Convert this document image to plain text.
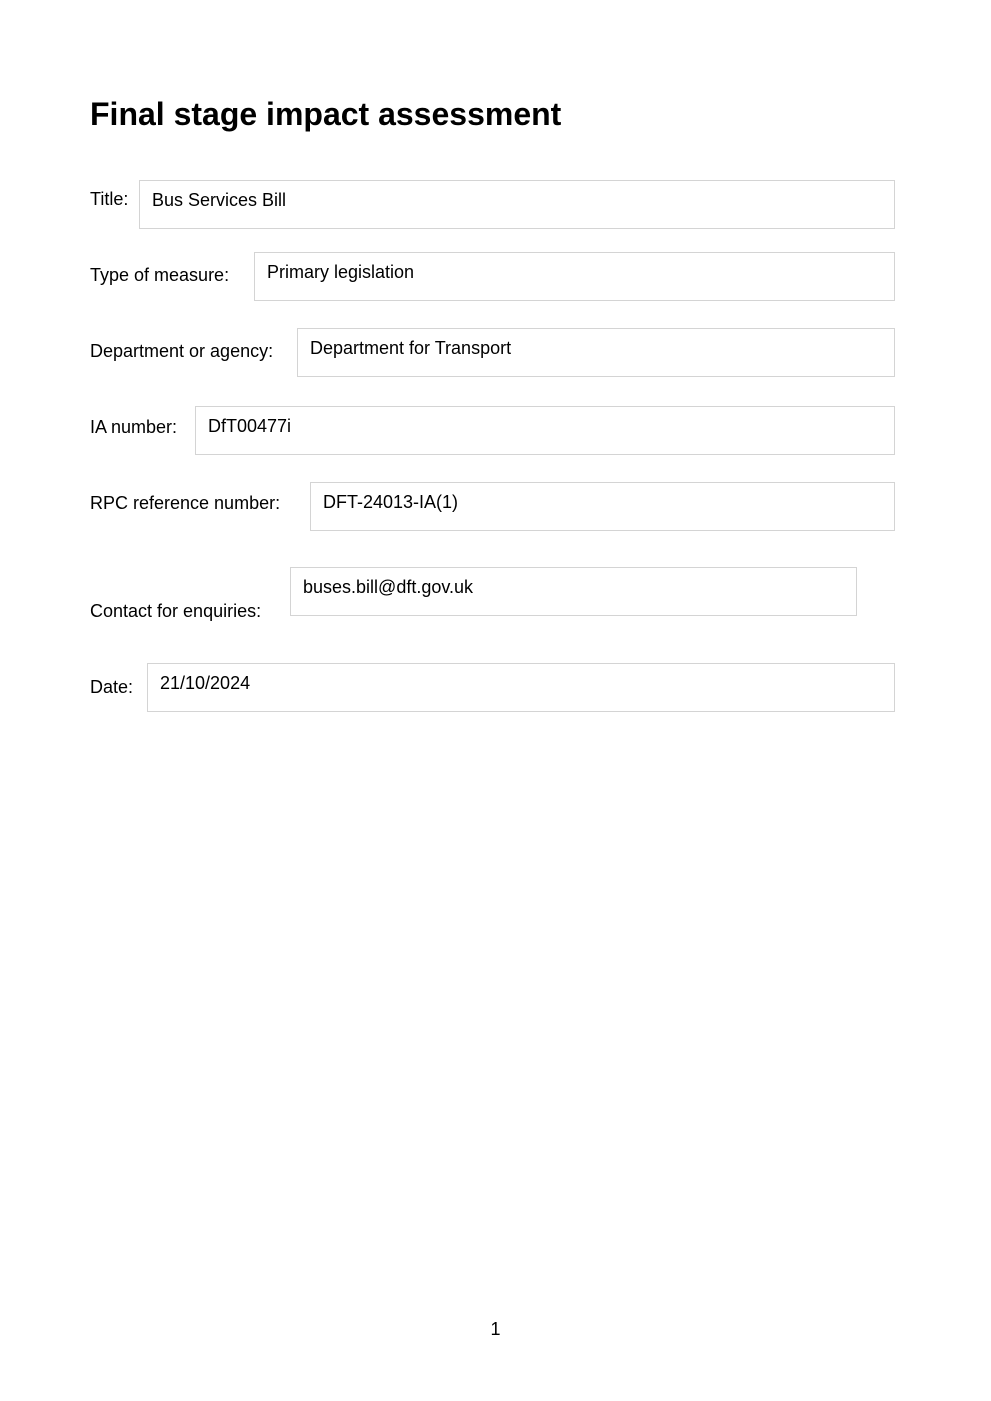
Final stage impact assessment
Title:	Bus Services Bill
Type of measure:	Primary legislation
Department or agency:	Department for Transport
IA number:	DfT00477i
RPC reference number:	DFT-24013-IA(1)
Contact for enquiries:
buses.bill@dft.gov.uk
Date:	21/10/2024
1
